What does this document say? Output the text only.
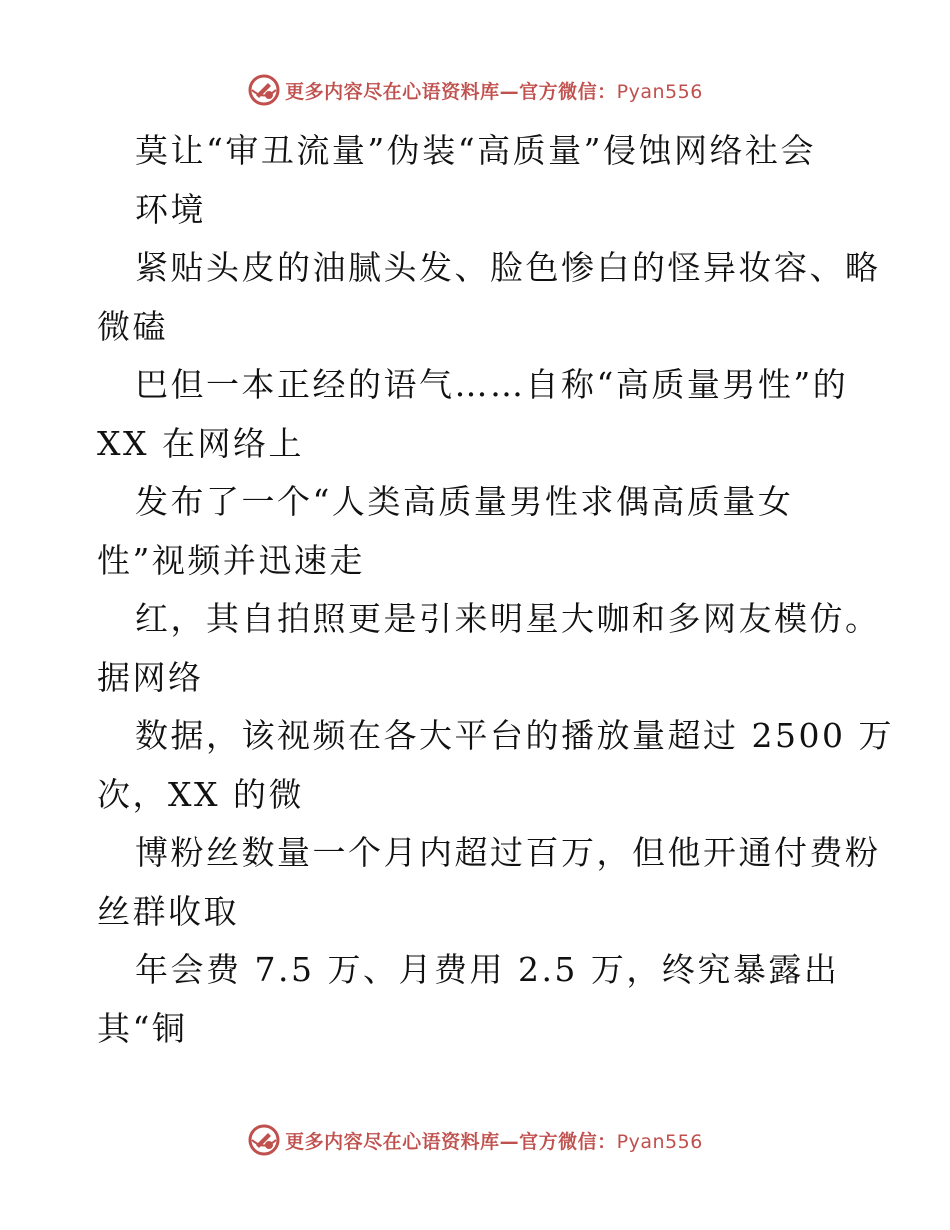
更多内容尽在心语资料库—官方微信：Pyan556
莫让“审丑流量”伪装“高质量”侵蚀网络社会
环境
紧贴头皮的油腻头发、脸色惨白的怪异妆容、略
微磕
巴但一本正经的语气……自称“高质量男性”的
XX 在网络上
发布了一个“人类高质量男性求偶高质量女
性”视频并迅速走
红，其自拍照更是引来明星大咖和多网友模仿。
据网络
数据，该视频在各大平台的播放量超过 2500 万
次，XX 的微
博粉丝数量一个月内超过百万，但他开通付费粉
丝群收取
年会费 7.5 万、月费用 2.5 万，终究暴露出
其“铜
更多内容尽在心语资料库—官方微信：Pyan556
